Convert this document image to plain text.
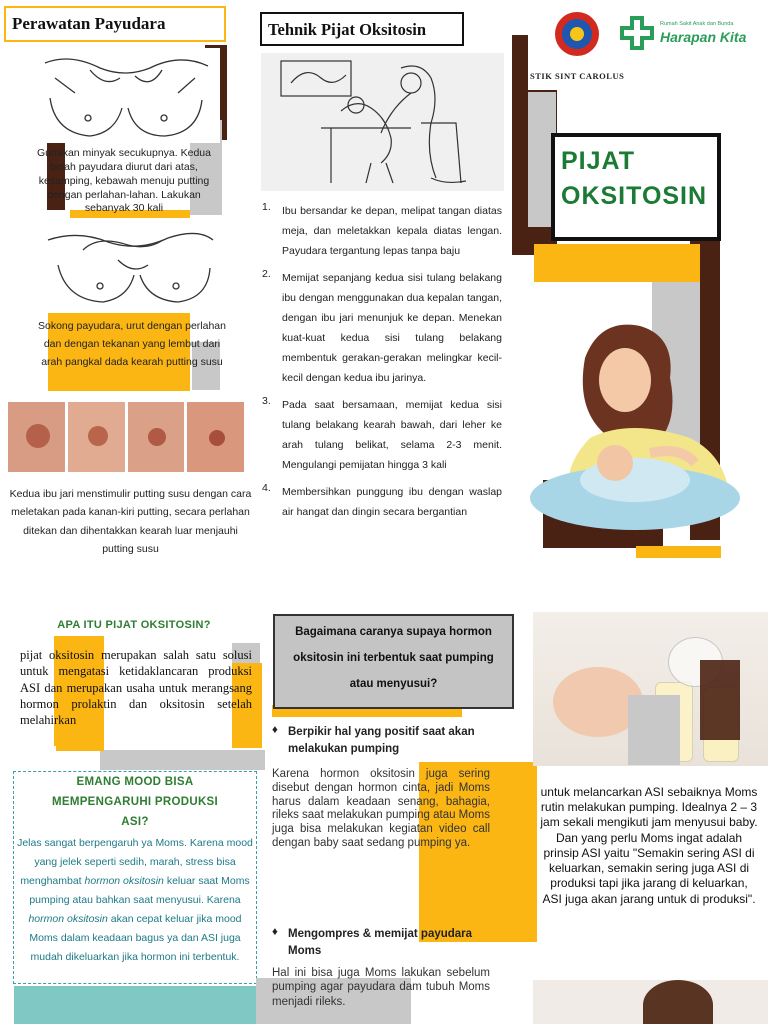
Perawatan Payudara
Gunakan minyak secukupnya. Kedua belah payudara diurut dari atas, kesamping, kebawah menuju putting dengan perlahan-lahan. Lakukan sebanyak 30 kali
Sokong payudara, urut dengan perlahan dan dengan tekanan yang lembut dari arah pangkal dada kearah putting susu
Kedua ibu jari menstimulir putting susu dengan cara meletakan pada kanan-kiri putting, secara perlahan ditekan dan dihentakkan kearah luar menjauhi putting susu
Tehnik Pijat Oksitosin
1.	Ibu bersandar ke depan, melipat tangan diatas meja, dan meletakkan kepala diatas lengan. Payudara tergantung lepas tanpa baju
2.	Memijat sepanjang kedua sisi tulang belakang ibu dengan menggunakan dua kepalan tangan, dengan ibu jari menunjuk ke depan. Menekan kuat-kuat kedua sisi tulang belakang membentuk gerakan-gerakan melingkar kecil-kecil dengan kedua ibu jarinya.
3.	Pada saat bersamaan, memijat kedua sisi tulang belakang kearah bawah, dari leher ke arah tulang belikat, selama 2-3 menit. Mengulangi pemijatan hingga 3 kali
4.	Membersihkan punggung ibu dengan waslap air hangat dan dingin secara bergantian
STIK SINT CAROLUS
Rumah Sakit Anak dan Bunda
Harapan Kita
PIJAT
OKSITOSIN
APA ITU PIJAT OKSITOSIN?
pijat oksitosin merupakan salah satu solusi untuk mengatasi ketidaklancaran produksi ASI dan merupakan usaha untuk merangsang hormon prolaktin dan oksitosin setelah melahirkan
EMANG MOOD BISA MEMPENGARUHI PRODUKSI ASI?
Jelas sangat berpengaruh ya Moms. Karena mood yang jelek seperti sedih, marah, stress bisa menghambat hormon oksitosin keluar saat Moms pumping atau bahkan saat menyusui. Karena hormon oksitosin akan cepat keluar jika mood Moms dalam keadaan bagus ya dan ASI juga mudah dikeluarkan jika hormon ini terbentuk.
Bagaimana caranya supaya hormon oksitosin ini terbentuk saat pumping atau menyusui?
♦ Berpikir hal yang positif saat akan melakukan pumping
Karena hormon oksitosin juga sering disebut dengan hormon cinta, jadi Moms harus dalam keadaan senang, bahagia, rileks saat melakukan pumping atau Moms juga bisa melakukan kegiatan video call dengan baby saat sedang pumping ya.
♦ Mengompres & memijat payudara Moms
Hal ini bisa juga Moms lakukan sebelum pumping agar payudara dam tubuh Moms menjadi rileks.
untuk melancarkan ASI sebaiknya Moms rutin melakukan pumping. Idealnya 2 – 3 jam sekali mengikuti jam menyusui baby. Dan yang perlu Moms ingat adalah prinsip ASI yaitu "Semakin sering ASI di keluarkan, semakin sering juga ASI di produksi tapi jika jarang di keluarkan, ASI juga akan jarang untuk di produksi".
